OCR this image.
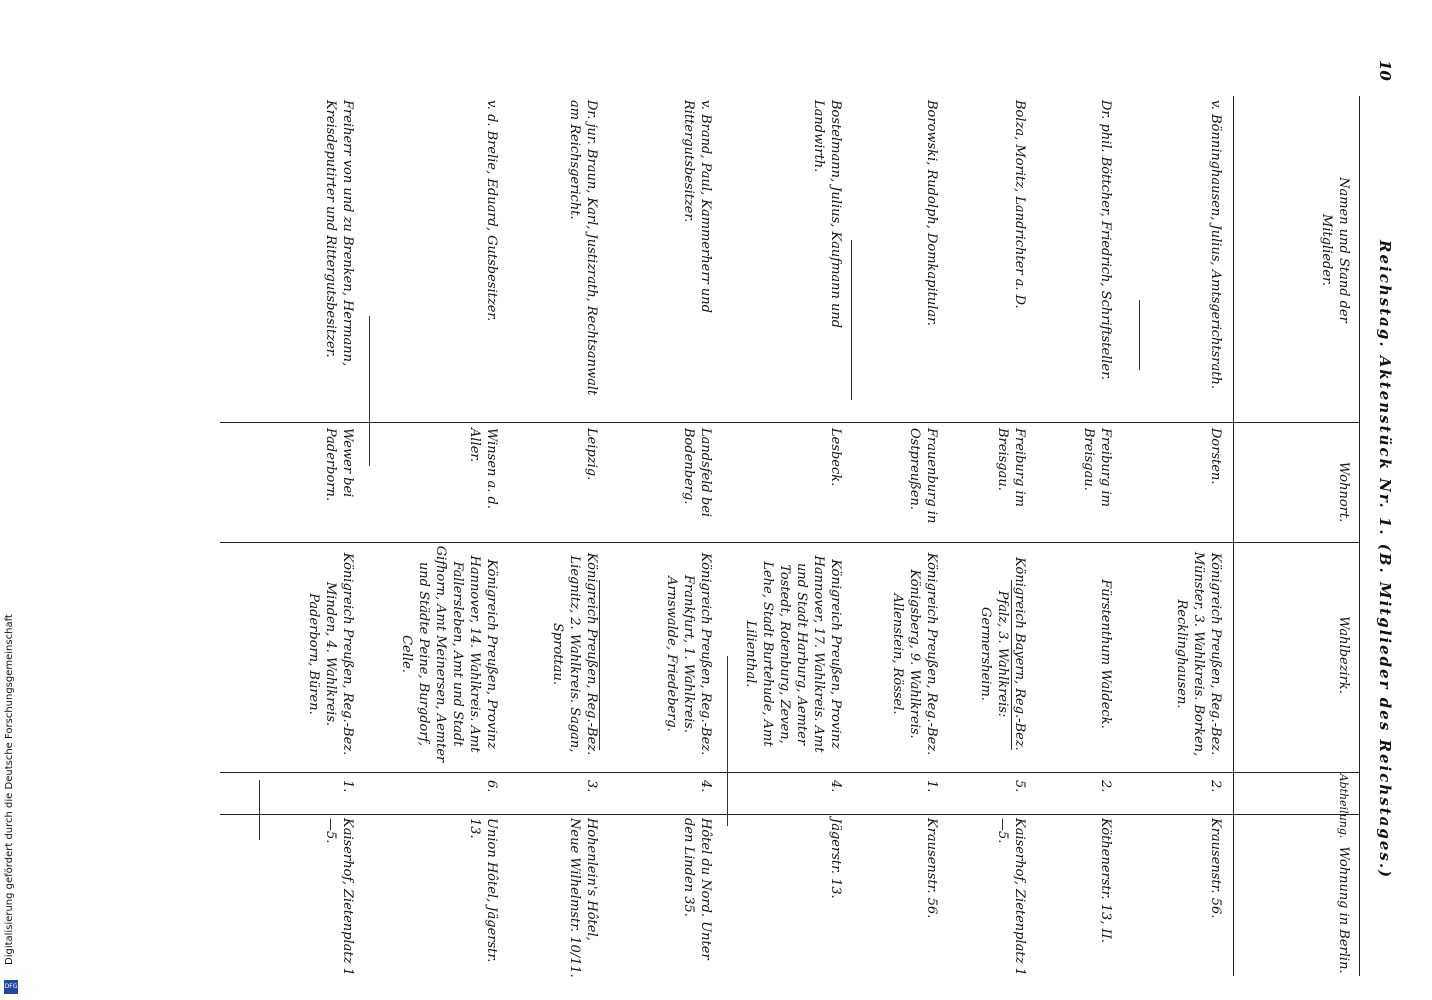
10
Reichstag. Aktenstück Nr. 1. (B. Mitglieder des Reichstages.)
Namen und Stand der Mitglieder.
Wohnort.
Wahlbezirk.
Abtheilung.
Wohnung in Berlin.
v. Bönninghausen, Julius, Amtsgerichtsrath.
Dorsten.
Königreich Preußen, Reg.-Bez. Münster, 3. Wahlkreis. Borken, Recklinghausen.
2.
Krausenstr. 56.
Dr. phil. Böttcher, Friedrich, Schriftsteller.
Freiburg im Breisgau.
Fürstenthum Waldeck.
2.
Köthenerstr. 13, II.
Bolza, Moritz, Landrichter a. D.
Freiburg im Breisgau.
Königreich Bayern, Reg.-Bez. Pfalz, 3. Wahlkreis: Germersheim.
5.
Kaiserhof, Zietenplatz 1—5.
Borowski, Rudolph, Domkapitular.
Frauenburg in Ostpreußen.
Königreich Preußen, Reg.-Bez. Königsberg, 9. Wahlkreis. Allenstein, Rössel.
1.
Krausenstr. 56.
Bostelmann, Julius, Kaufmann und Landwirth.
Lesbeck.
Königreich Preußen, Provinz Hannover, 17. Wahlkreis. Amt und Stadt Harburg, Aemter Tostedt, Rotenburg, Zeven, Lehe, Stadt Burtehude, Amt Lilienthal.
4.
Jägerstr. 13.
v. Brand, Paul, Kammerherr und Rittergutsbesitzer.
Landsfeld bei Bodenberg.
Königreich Preußen, Reg.-Bez. Frankfurt, 1. Wahlkreis. Arnswalde, Friedeberg.
4.
Hôtel du Nord. Unter den Linden 35.
Dr. jur. Braun, Karl, Justizrath, Rechtsanwalt am Reichsgericht.
Leipzig.
Königreich Preußen, Reg.-Bez. Liegnitz, 2. Wahlkreis. Sagan, Sprottau.
3.
Hohenlein's Hôtel, Neue Wilhelmstr. 10/11.
v. d. Brelie, Eduard, Gutsbesitzer.
Winsen a. d. Aller.
Königreich Preußen, Provinz Hannover, 14. Wahlkreis. Amt Fallersleben, Amt und Stadt Gifhorn, Amt Meinersen, Aemter und Städte Peine, Burgdorf, Celle.
6.
Union Hôtel, Jägerstr. 13.
Freiherr von und zu Brenken, Hermann, Kreisdeputirter und Rittergutsbesitzer.
Wewer bei Paderborn.
Königreich Preußen, Reg.-Bez. Minden, 4. Wahlkreis. Paderborn, Büren.
1.
Kaiserhof, Zietenplatz 1—5.
Digitalisierung gefördert durch die Deutsche Forschungsgemeinschaft
DFG
